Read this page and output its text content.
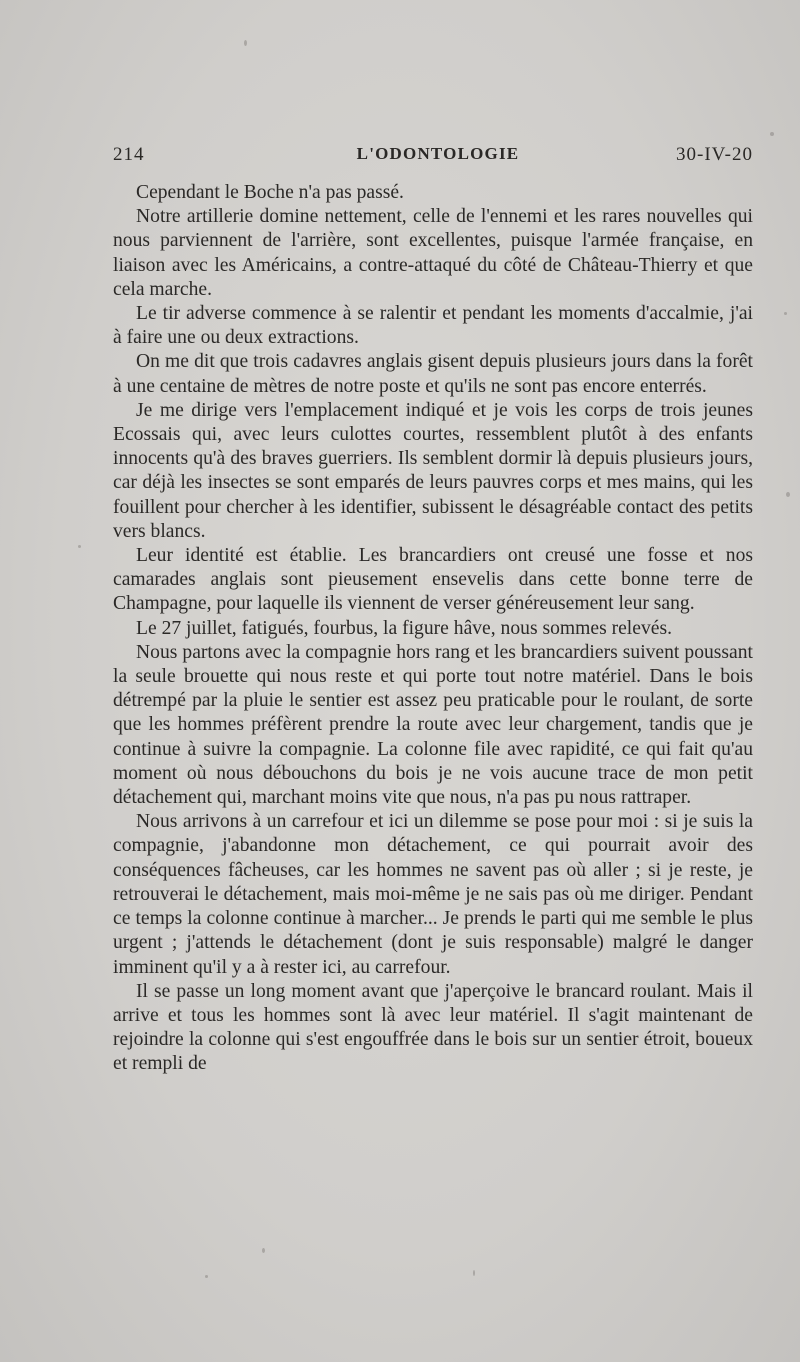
214	L'ODONTOLOGIE	30-IV-20

Cependant le Boche n'a pas passé.

Notre artillerie domine nettement, celle de l'ennemi et les rares nouvelles qui nous parviennent de l'arrière, sont excellentes, puisque l'armée française, en liaison avec les Américains, a contre-attaqué du côté de Château-Thierry et que cela marche.

Le tir adverse commence à se ralentir et pendant les moments d'accalmie, j'ai à faire une ou deux extractions.

On me dit que trois cadavres anglais gisent depuis plusieurs jours dans la forêt à une centaine de mètres de notre poste et qu'ils ne sont pas encore enterrés.

Je me dirige vers l'emplacement indiqué et je vois les corps de trois jeunes Ecossais qui, avec leurs culottes courtes, ressemblent plutôt à des enfants innocents qu'à des braves guerriers. Ils semblent dormir là depuis plusieurs jours, car déjà les insectes se sont emparés de leurs pauvres corps et mes mains, qui les fouillent pour chercher à les identifier, subissent le désagréable contact des petits vers blancs.

Leur identité est établie. Les brancardiers ont creusé une fosse et nos camarades anglais sont pieusement ensevelis dans cette bonne terre de Champagne, pour laquelle ils viennent de verser généreusement leur sang.

Le 27 juillet, fatigués, fourbus, la figure hâve, nous sommes relevés.

Nous partons avec la compagnie hors rang et les brancardiers suivent poussant la seule brouette qui nous reste et qui porte tout notre matériel. Dans le bois détrempé par la pluie le sentier est assez peu praticable pour le roulant, de sorte que les hommes préfèrent prendre la route avec leur chargement, tandis que je continue à suivre la compagnie. La colonne file avec rapidité, ce qui fait qu'au moment où nous débouchons du bois je ne vois aucune trace de mon petit détachement qui, marchant moins vite que nous, n'a pas pu nous rattraper.

Nous arrivons à un carrefour et ici un dilemme se pose pour moi : si je suis la compagnie, j'abandonne mon détachement, ce qui pourrait avoir des conséquences fâcheuses, car les hommes ne savent pas où aller ; si je reste, je retrouverai le détachement, mais moi-même je ne sais pas où me diriger. Pendant ce temps la colonne continue à marcher... Je prends le parti qui me semble le plus urgent ; j'attends le détachement (dont je suis responsable) malgré le danger imminent qu'il y a à rester ici, au carrefour.

Il se passe un long moment avant que j'aperçoive le brancard roulant. Mais il arrive et tous les hommes sont là avec leur matériel. Il s'agit maintenant de rejoindre la colonne qui s'est engouffrée dans le bois sur un sentier étroit, boueux et rempli de
